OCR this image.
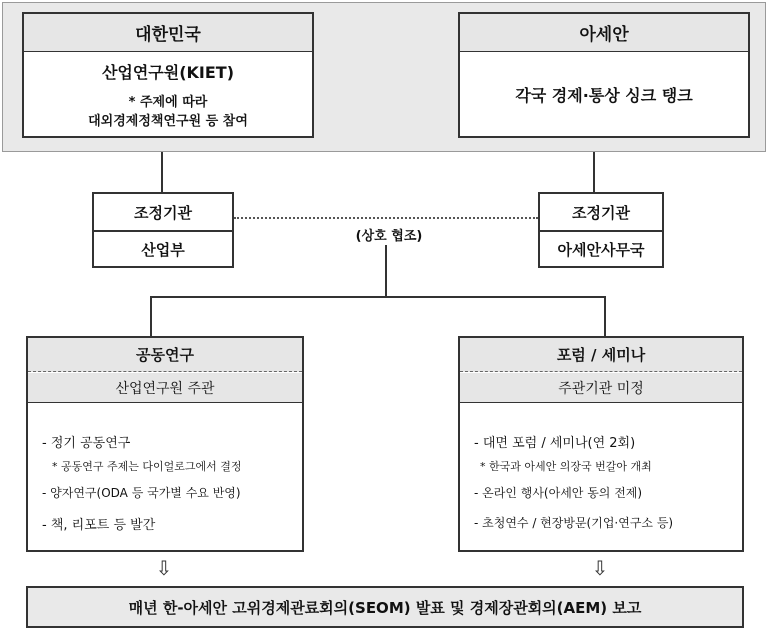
대한민국
산업연구원(KIET)
* 주제에 따라
대외경제정책연구원 등 참여
아세안
각국 경제·통상 싱크 탱크
조정기관
산업부
조정기관
아세안사무국
(상호 협조)
공동연구
산업연구원 주관
- 정기 공동연구
* 공동연구 주제는 다이얼로그에서 결정
- 양자연구(ODA 등 국가별 수요 반영)
- 책, 리포트 등 발간
포럼 / 세미나
주관기관 미정
- 대면 포럼 / 세미나(연 2회)
* 한국과 아세안 의장국 번갈아 개최
- 온라인 행사(아세안 동의 전제)
- 초청연수 / 현장방문(기업·연구소 등)
⇩	⇩
매년 한-아세안 고위경제관료회의(SEOM) 발표 및 경제장관회의(AEM) 보고
